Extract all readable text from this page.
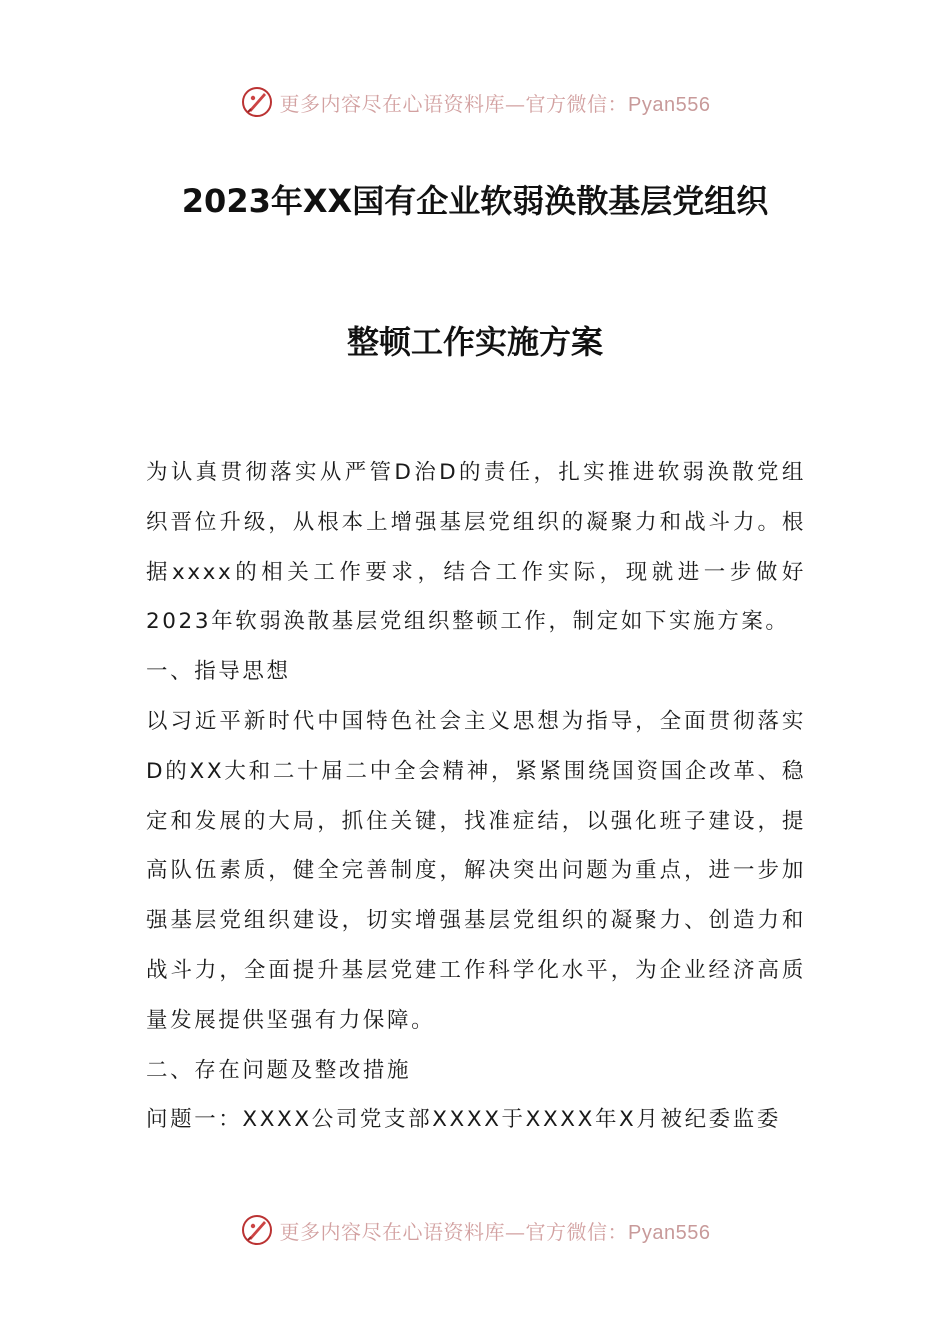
更多内容尽在心语资料库—官方微信：Pyan556
2023年XX国有企业软弱涣散基层党组织
整顿工作实施方案

为认真贯彻落实从严管D治D的责任，扎实推进软弱涣散党组织晋位升级，从根本上增强基层党组织的凝聚力和战斗力。根据xxxx的相关工作要求，结合工作实际，现就进一步做好2023年软弱涣散基层党组织整顿工作，制定如下实施方案。

一、指导思想

以习近平新时代中国特色社会主义思想为指导，全面贯彻落实D的XX大和二十届二中全会精神，紧紧围绕国资国企改革、稳定和发展的大局，抓住关键，找准症结，以强化班子建设，提高队伍素质，健全完善制度，解决突出问题为重点，进一步加强基层党组织建设，切实增强基层党组织的凝聚力、创造力和战斗力，全面提升基层党建工作科学化水平，为企业经济高质量发展提供坚强有力保障。

二、存在问题及整改措施

问题一：XXXX公司党支部XXXX于XXXX年X月被纪委监委

更多内容尽在心语资料库—官方微信：Pyan556
